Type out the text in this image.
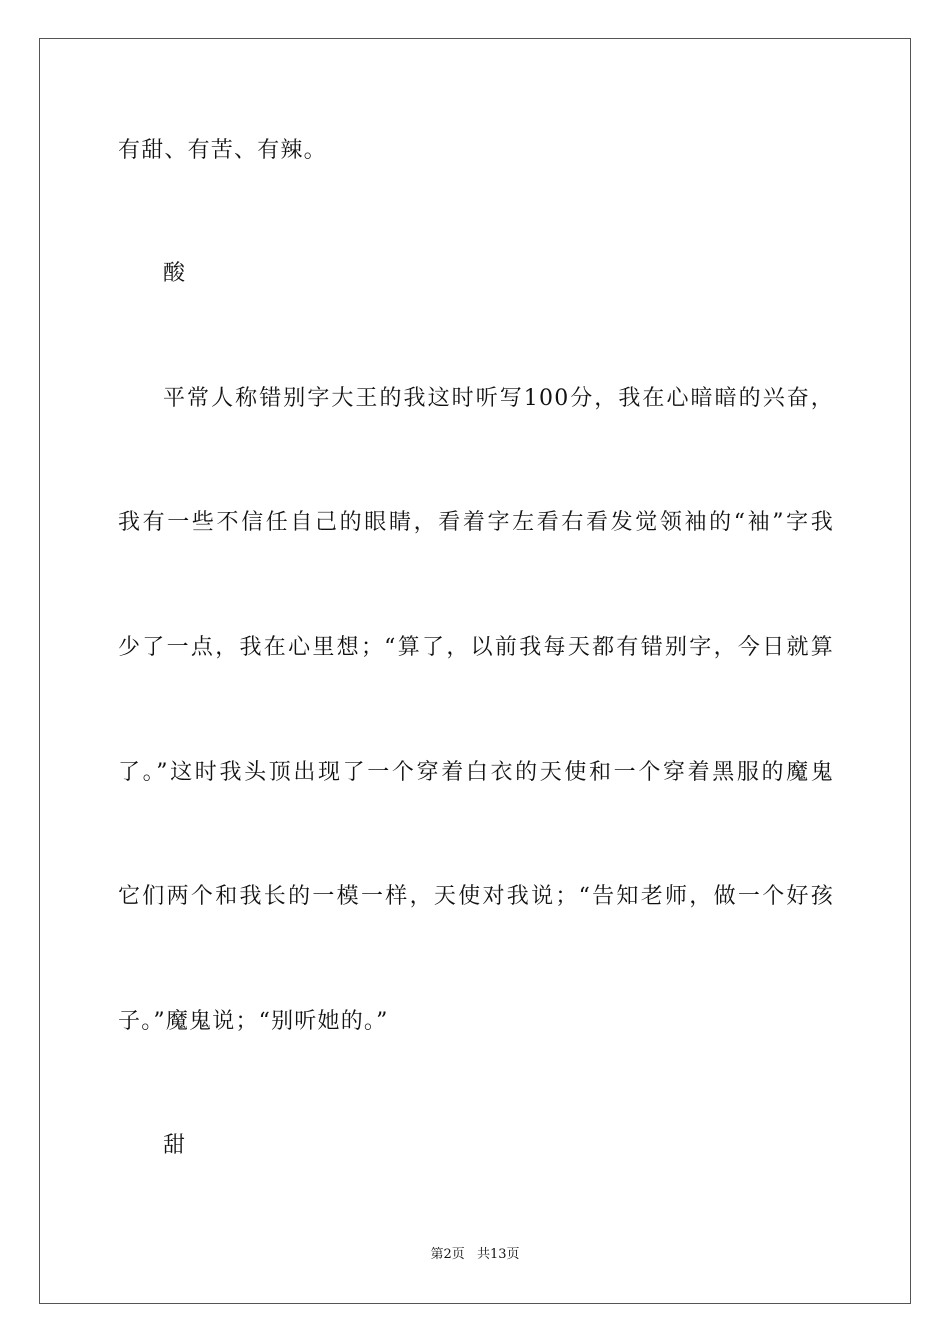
有甜、有苦、有辣。
酸
平常人称错别字大王的我这时听写100分，我在心暗暗的兴奋，
我有一些不信任自己的眼睛，看着字左看右看发觉领袖的“袖”字我
少了一点，我在心里想；“算了，以前我每天都有错别字，今日就算
了。”这时我头顶出现了一个穿着白衣的天使和一个穿着黑服的魔鬼
它们两个和我长的一模一样，天使对我说；“告知老师，做一个好孩
子。”魔鬼说；“别听她的。”
甜
第2页 共13页
